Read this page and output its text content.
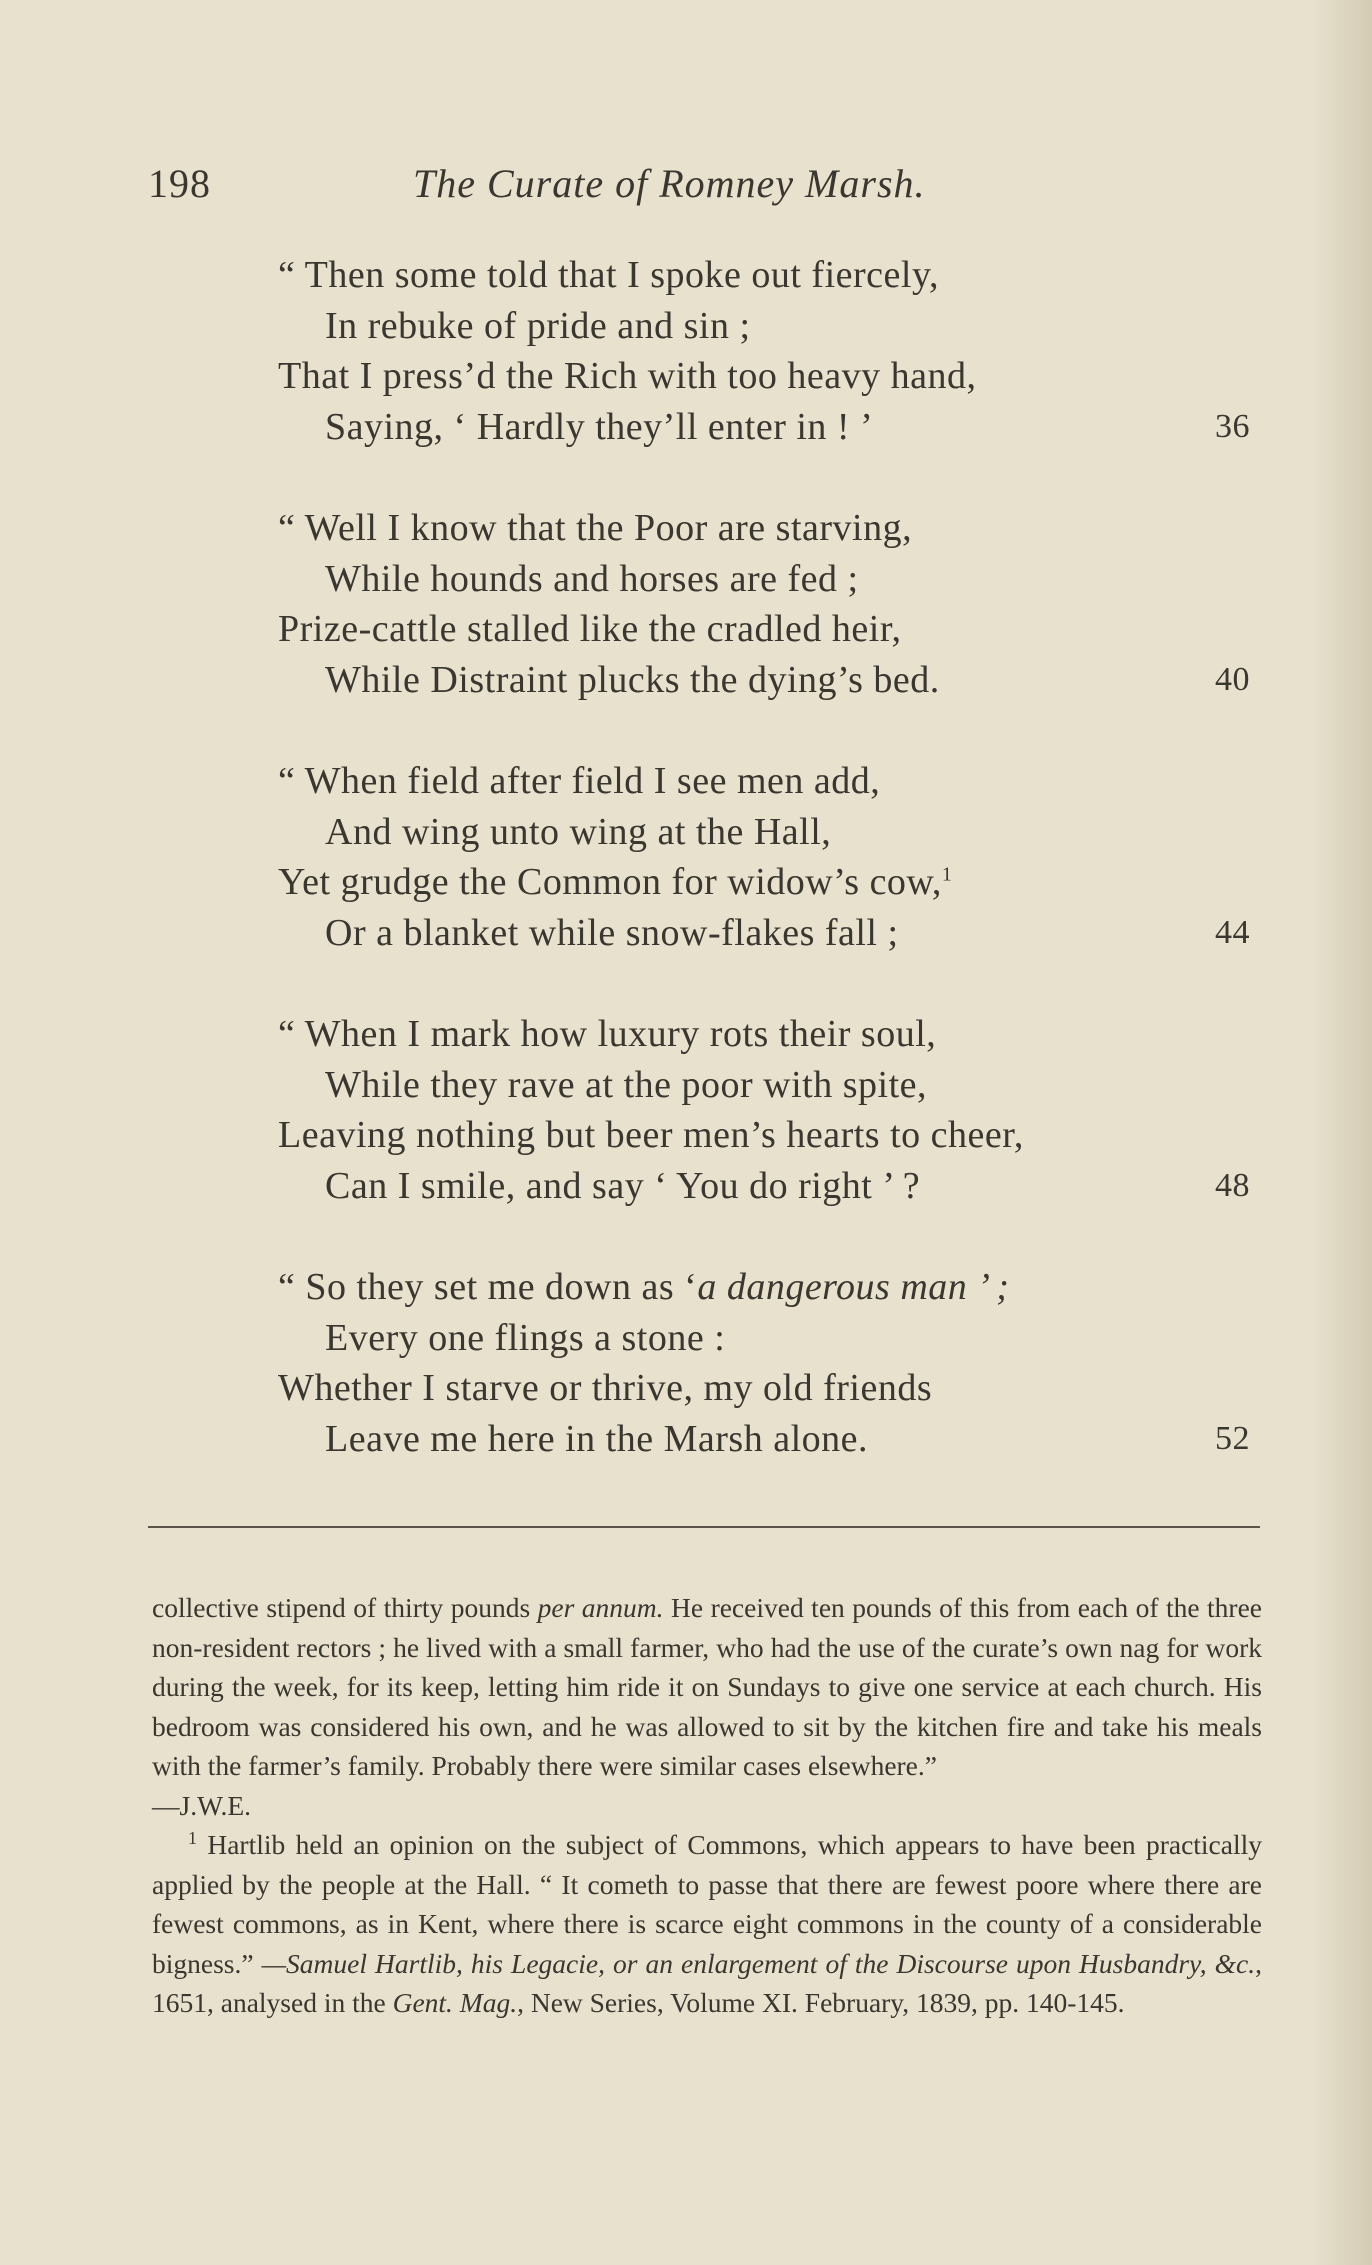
198	The Curate of Romney Marsh.
“ Then some told that I spoke out fiercely,
In rebuke of pride and sin ;
That I press’d the Rich with too heavy hand,
Saying, ‘ Hardly they’ll enter in ! ’	36
“ Well I know that the Poor are starving,
While hounds and horses are fed ;
Prize-cattle stalled like the cradled heir,
While Distraint plucks the dying’s bed.	40
“ When field after field I see men add,
And wing unto wing at the Hall,
Yet grudge the Common for widow’s cow,$^1$
Or a blanket while snow-flakes fall ;	44
“ When I mark how luxury rots their soul,
While they rave at the poor with spite,
Leaving nothing but beer men’s hearts to cheer,
Can I smile, and say ‘ You do right ’ ?	48
“ So they set me down as ‘a dangerous man ’ ;
Every one flings a stone :
Whether I starve or thrive, my old friends
Leave me here in the Marsh alone.	52

collective stipend of thirty pounds per annum. He received ten pounds of this from each of the three non-resident rectors ; he lived with a small farmer, who had the use of the curate’s own nag for work during the week, for its keep, letting him ride it on Sundays to give one service at each church. His bedroom was considered his own, and he was allowed to sit by the kitchen fire and take his meals with the farmer’s family. Probably there were similar cases elsewhere.”

—J.W.E.

$^1$ Hartlib held an opinion on the subject of Commons, which appears to have been practically applied by the people at the Hall. “ It cometh to passe that there are fewest poore where there are fewest commons, as in Kent, where there is scarce eight commons in the county of a considerable bigness.” —Samuel Hartlib, his Legacie, or an enlargement of the Discourse upon Husbandry, &c., 1651, analysed in the Gent. Mag., New Series, Volume XI. February, 1839, pp. 140-145.
